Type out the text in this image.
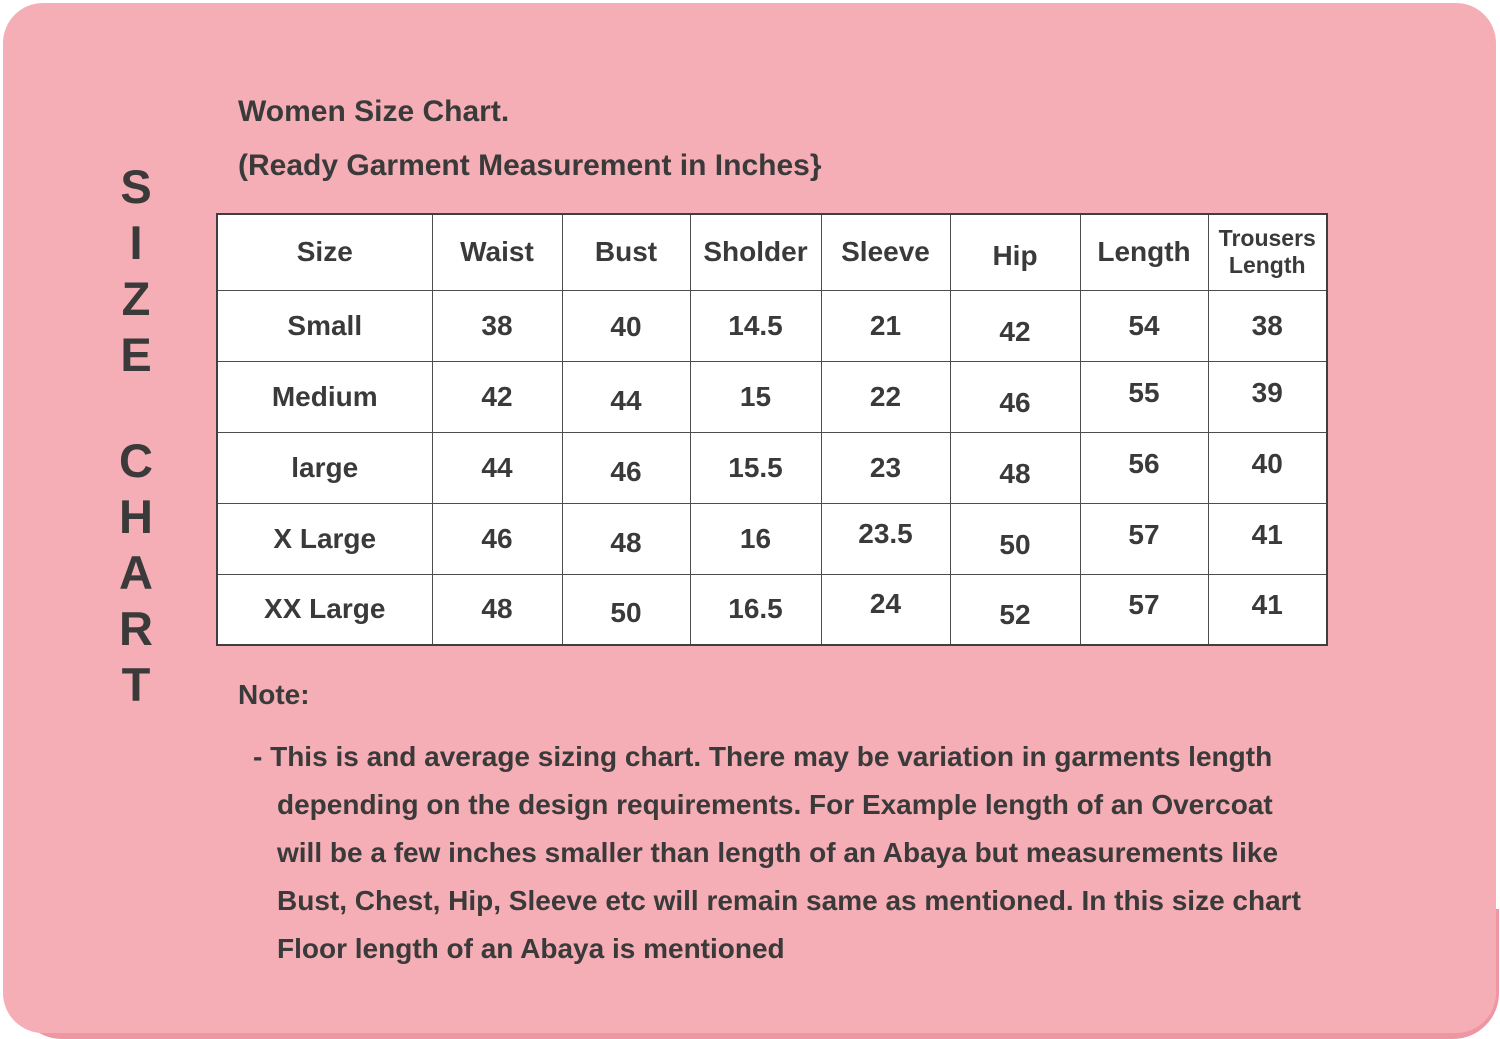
S
I
Z
E
C
H
A
R
T
Women Size Chart.
(Ready Garment Measurement in Inches}
Size	Waist	Bust	Sholder	Sleeve	Hip	Length	Trousers Length
Small	38	40	14.5	21	42	54	38
Medium	42	44	15	22	46	55	39
large	44	46	15.5	23	48	56	40
X Large	46	48	16	23.5	50	57	41
XX Large	48	50	16.5	24	52	57	41
Note:
- This is and average sizing chart. There may be variation in garments length
depending on the design requirements. For Example length of an Overcoat
will be a few inches smaller than length of an Abaya but measurements like
Bust, Chest, Hip, Sleeve etc will remain same as mentioned. In this size chart
Floor length of an Abaya is mentioned
